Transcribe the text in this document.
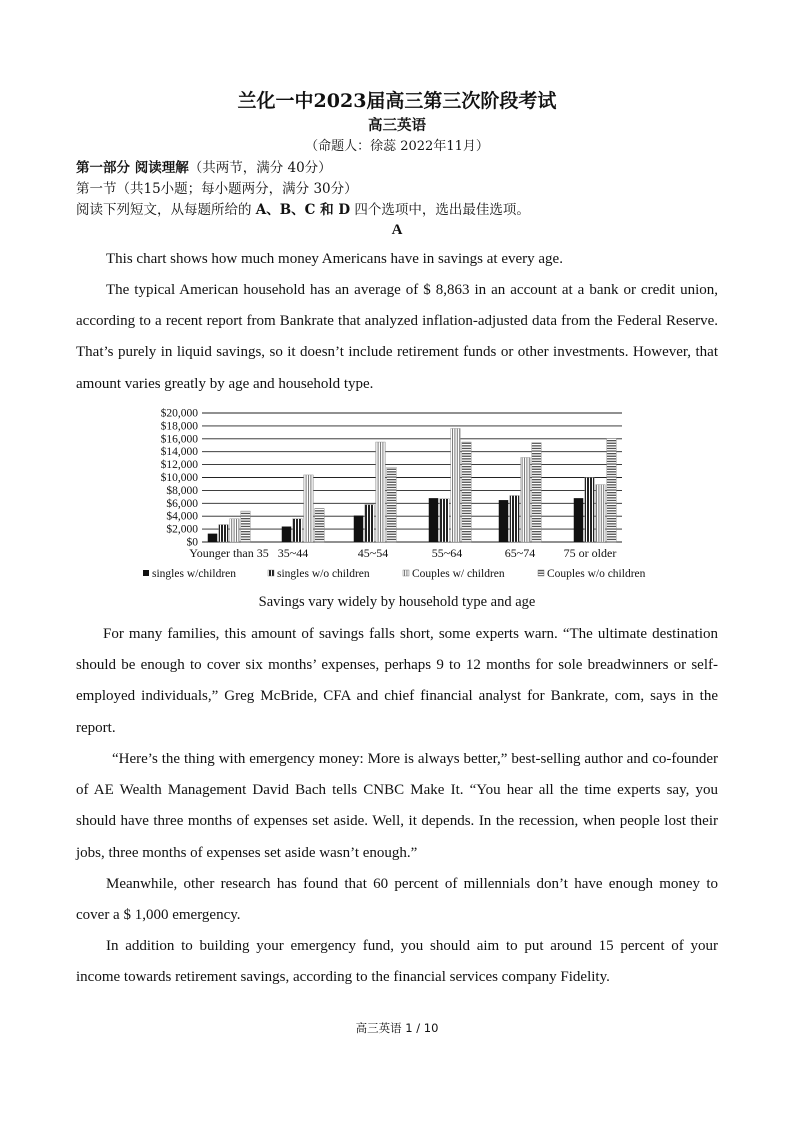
兰化一中2023届高三第三次阶段考试
高三英语
（命题人：徐蕊 2022年11月）
第一部分 阅读理解（共两节，满分 40分）
第一节（共15小题；每小题两分，满分 30分）
阅读下列短文，从每题所给的 A、B、C 和 D 四个选项中，选出最佳选项。
A
This chart shows how much money Americans have in savings at every age.
The typical American household has an average of $ 8,863 in an account at a bank or credit union, according to a recent report from Bankrate that analyzed inflation-adjusted data from the Federal Reserve. That’s purely in liquid savings, so it doesn’t include retirement funds or other investments. However, that amount varies greatly by age and household type.
$0
$2,000
$4,000
$6,000
$8,000
$10,000
$12,000
$14,000
$16,000
$18,000
$20,000
Younger than 35 35~44	45~54	55~64	65~74 75 or older
singles w/children	singles w/o children	Couples w/ children	Couples w/o children
Savings vary widely by household type and age
For many families, this amount of savings falls short, some experts warn. “The ultimate destination should be enough to cover six months’ expenses, perhaps 9 to 12 months for sole breadwinners or self-employed individuals,” Greg McBride, CFA and chief financial analyst for Bankrate, com, says in the report.
“Here’s the thing with emergency money: More is always better,” best-selling author and co-founder of AE Wealth Management David Bach tells CNBC Make It. “You hear all the time experts say, you should have three months of expenses set aside. Well, it depends. In the recession, when people lost their jobs, three months of expenses set aside wasn’t enough.”
Meanwhile, other research has found that 60 percent of millennials don’t have enough money to cover a $ 1,000 emergency.
In addition to building your emergency fund, you should aim to put around 15 percent of your income towards retirement savings, according to the financial services company Fidelity.
高三英语 1 / 10
